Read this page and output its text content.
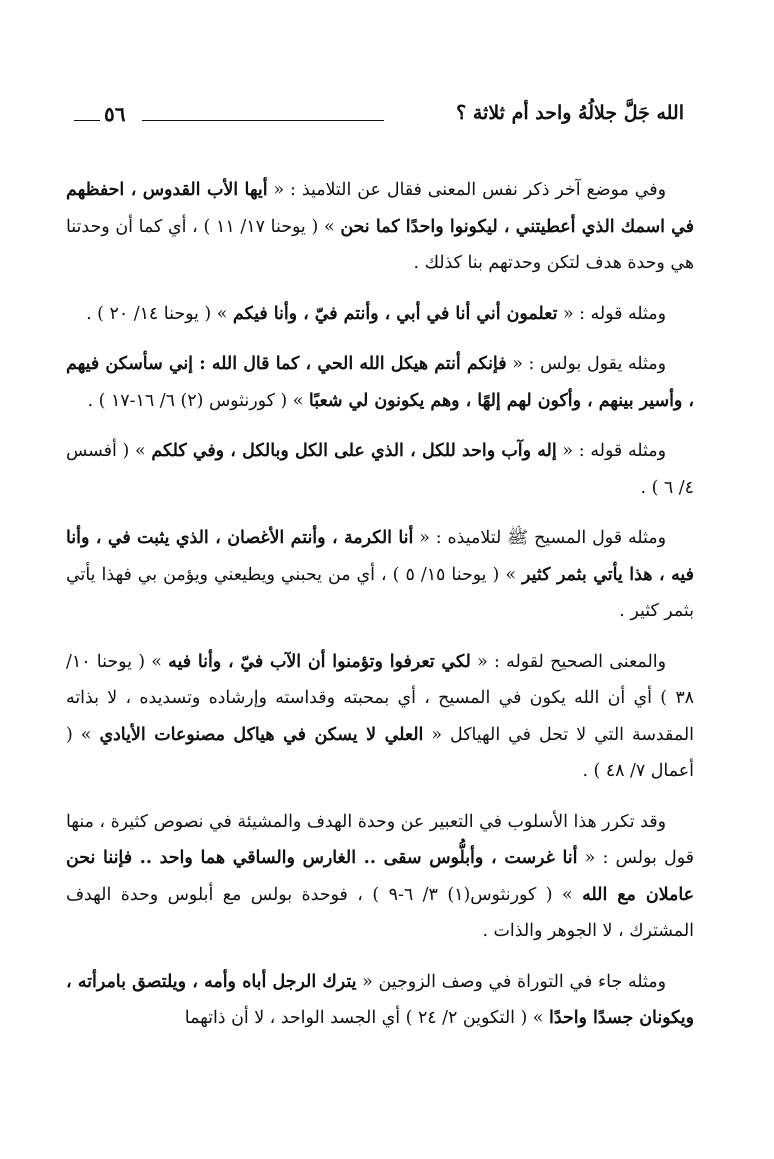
الله جَلَّ جلالُهُ واحد أم ثلاثة ؟
٥٦

وفي موضع آخر ذكر نفس المعنى فقال عن التلاميذ : « أيها الأب القدوس ، احفظهم في اسمك الذي أعطيتني ، ليكونوا واحدًا كما نحن » ( يوحنا ١٧/ ١١ ) ، أي كما أن وحدتنا هي وحدة هدف لتكن وحدتهم بنا كذلك .

ومثله قوله : « تعلمون أني أنا في أبي ، وأنتم فيّ ، وأنا فيكم » ( يوحنا ١٤/ ٢٠ ) .

ومثله يقول بولس : « فإنكم أنتم هيكل الله الحي ، كما قال الله : إني سأسكن فيهم ، وأسير بينهم ، وأكون لهم إلهًا ، وهم يكونون لي شعبًا » ( كورنثوس (٢) ٦/ ١٦-١٧ ) .

ومثله قوله : « إله وآب واحد للكل ، الذي على الكل وبالكل ، وفي كلكم » ( أفسس ٤/ ٦ ) .

ومثله قول المسيح ﷺ لتلاميذه : « أنا الكرمة ، وأنتم الأغصان ، الذي يثبت في ، وأنا فيه ، هذا يأتي بثمر كثير » ( يوحنا ١٥/ ٥ ) ، أي من يحبني ويطيعني ويؤمن بي فهذا يأتي بثمر كثير .

والمعنى الصحيح لقوله : « لكي تعرفوا وتؤمنوا أن الآب فيّ ، وأنا فيه » ( يوحنا ١٠/ ٣٨ ) أي أن الله يكون في المسيح ، أي بمحبته وقداسته وإرشاده وتسديده ، لا بذاته المقدسة التي لا تحل في الهياكل « العلي لا يسكن في هياكل مصنوعات الأيادي » ( أعمال ٧/ ٤٨ ) .

وقد تكرر هذا الأسلوب في التعبير عن وحدة الهدف والمشيئة في نصوص كثيرة ، منها قول بولس : « أنا غرست ، وأبلُّوس سقى .. الغارس والساقي هما واحد .. فإننا نحن عاملان مع الله » ( كورنثوس(١) ٣/ ٦-٩ ) ، فوحدة بولس مع أبلوس وحدة الهدف المشترك ، لا الجوهر والذات .

ومثله جاء في التوراة في وصف الزوجين « يترك الرجل أباه وأمه ، ويلتصق بامرأته ، ويكونان جسدًا واحدًا » ( التكوين ٢/ ٢٤ ) أي الجسد الواحد ، لا أن ذاتهما
